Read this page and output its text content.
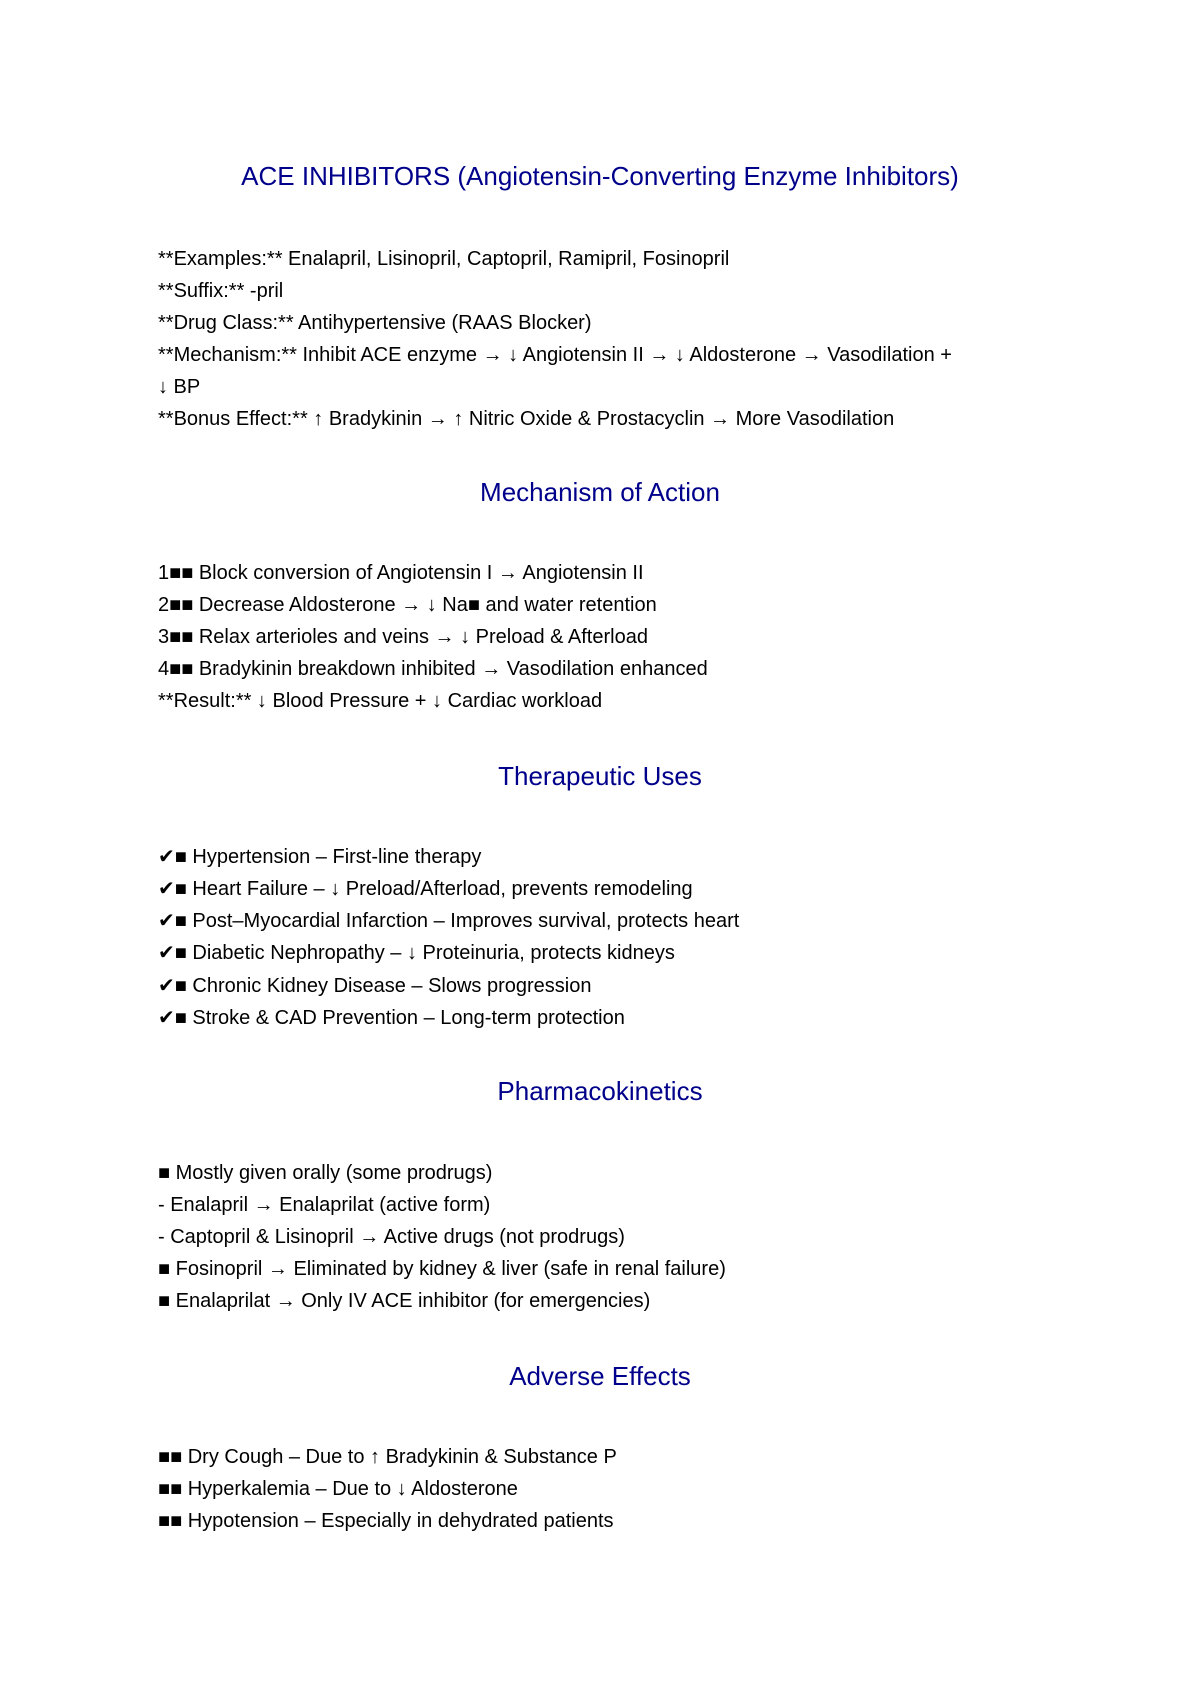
ACE INHIBITORS (Angiotensin-Converting Enzyme Inhibitors)

**Examples:** Enalapril, Lisinopril, Captopril, Ramipril, Fosinopril

**Suffix:** -pril

**Drug Class:** Antihypertensive (RAAS Blocker)

**Mechanism:** Inhibit ACE enzyme → ↓ Angiotensin II → ↓ Aldosterone → Vasodilation +

↓ BP

**Bonus Effect:** ↑ Bradykinin → ↑ Nitric Oxide & Prostacyclin → More Vasodilation

Mechanism of Action

1■■ Block conversion of Angiotensin I → Angiotensin II

2■■ Decrease Aldosterone → ↓ Na■ and water retention

3■■ Relax arterioles and veins → ↓ Preload & Afterload

4■■ Bradykinin breakdown inhibited → Vasodilation enhanced

**Result:** ↓ Blood Pressure + ↓ Cardiac workload

Therapeutic Uses

✔■ Hypertension – First-line therapy

✔■ Heart Failure – ↓ Preload/Afterload, prevents remodeling

✔■ Post–Myocardial Infarction – Improves survival, protects heart

✔■ Diabetic Nephropathy – ↓ Proteinuria, protects kidneys

✔■ Chronic Kidney Disease – Slows progression

✔■ Stroke & CAD Prevention – Long-term protection

Pharmacokinetics

■ Mostly given orally (some prodrugs)

- Enalapril → Enalaprilat (active form)

- Captopril & Lisinopril → Active drugs (not prodrugs)

■ Fosinopril → Eliminated by kidney & liver (safe in renal failure)

■ Enalaprilat → Only IV ACE inhibitor (for emergencies)

Adverse Effects

■■ Dry Cough – Due to ↑ Bradykinin & Substance P

■■ Hyperkalemia – Due to ↓ Aldosterone

■■ Hypotension – Especially in dehydrated patients
